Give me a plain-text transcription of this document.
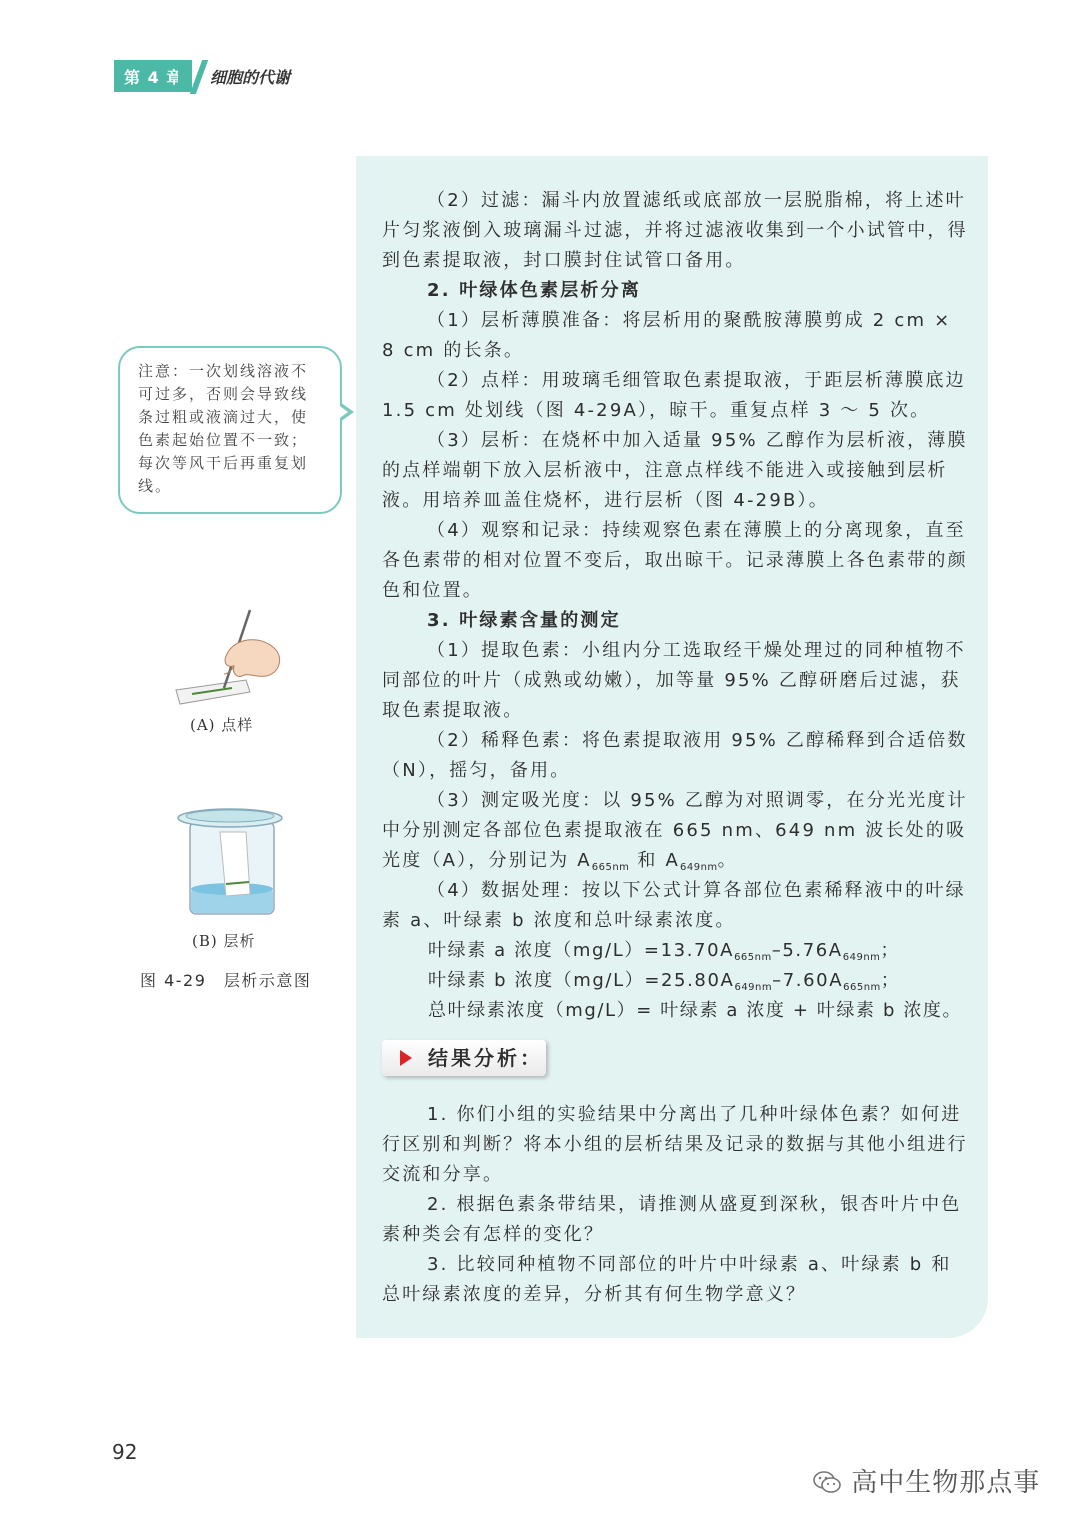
第 4 章 细胞的代谢

（2）过滤：漏斗内放置滤纸或底部放一层脱脂棉，将上述叶片匀浆液倒入玻璃漏斗过滤，并将过滤液收集到一个小试管中，得到色素提取液，封口膜封住试管口备用。

2. 叶绿体色素层析分离

（1）层析薄膜准备：将层析用的聚酰胺薄膜剪成 2 cm × 8 cm 的长条。

（2）点样：用玻璃毛细管取色素提取液，于距层析薄膜底边 1.5 cm 处划线（图 4-29A），晾干。重复点样 3 ～ 5 次。

（3）层析：在烧杯中加入适量 95% 乙醇作为层析液，薄膜的点样端朝下放入层析液中，注意点样线不能进入或接触到层析液。用培养皿盖住烧杯，进行层析（图 4-29B）。

（4）观察和记录：持续观察色素在薄膜上的分离现象，直至各色素带的相对位置不变后，取出晾干。记录薄膜上各色素带的颜色和位置。

3. 叶绿素含量的测定

（1）提取色素：小组内分工选取经干燥处理过的同种植物不同部位的叶片（成熟或幼嫩），加等量 95% 乙醇研磨后过滤，获取色素提取液。

（2）稀释色素：将色素提取液用 95% 乙醇稀释到合适倍数（N），摇匀，备用。

（3）测定吸光度：以 95% 乙醇为对照调零，在分光光度计中分别测定各部位色素提取液在 665 nm、649 nm 波长处的吸光度（A），分别记为 $A_{665nm}$ 和 $A_{649nm}$。

（4）数据处理：按以下公式计算各部位色素稀释液中的叶绿素 a、叶绿素 b 浓度和总叶绿素浓度。

叶绿素 a 浓度$(mg/L)=13.70A_{665nm}-5.76A_{649nm}$；

叶绿素 b 浓度$(mg/L)=25.80A_{649nm}-7.60A_{665nm}$；

总叶绿素浓度（mg/L）= 叶绿素 a 浓度 + 叶绿素 b 浓度。

结果分析：

1. 你们小组的实验结果中分离出了几种叶绿体色素？如何进行区别和判断？将本小组的层析结果及记录的数据与其他小组进行交流和分享。

2. 根据色素条带结果，请推测从盛夏到深秋，银杏叶片中色素种类会有怎样的变化？

3. 比较同种植物不同部位的叶片中叶绿素 a、叶绿素 b 和总叶绿素浓度的差异，分析其有何生物学意义？

注意：一次划线溶液不可过多，否则会导致线条过粗或液滴过大，使色素起始位置不一致；每次等风干后再重复划线。
(A) 点样
(B) 层析
图 4-29　层析示意图
92
高中生物那点事
